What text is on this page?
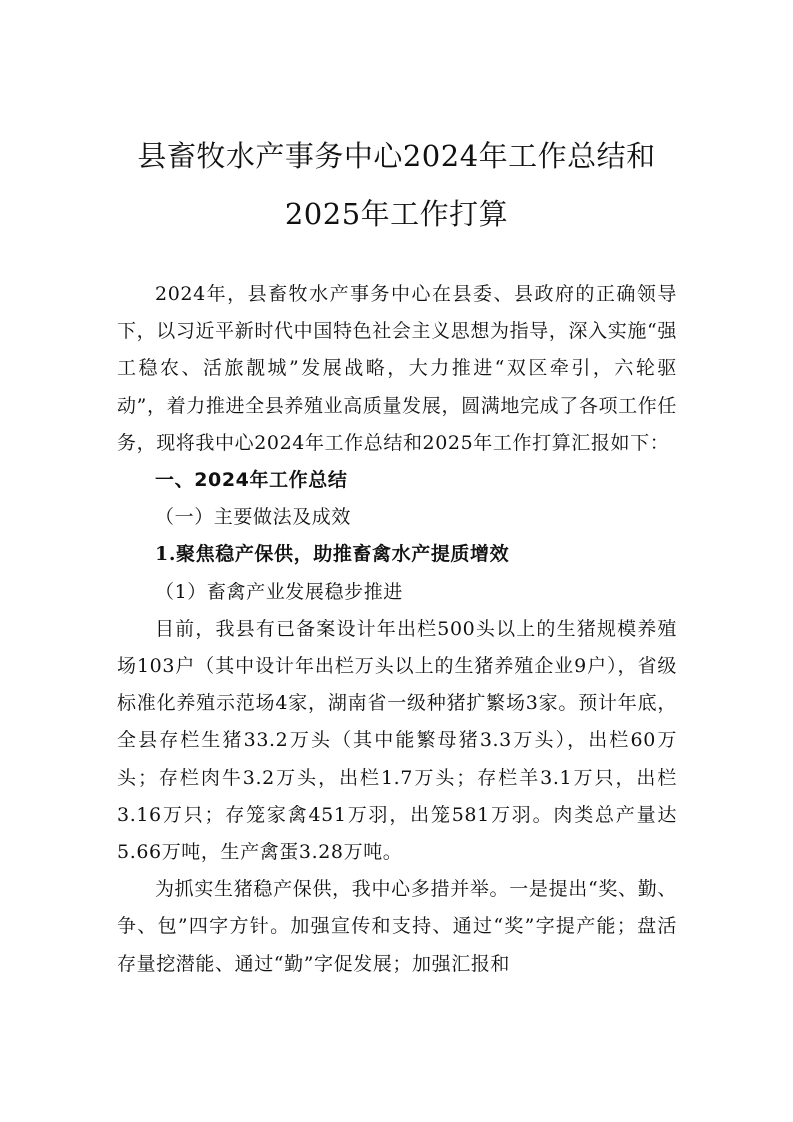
县畜牧水产事务中心2024年工作总结和
2025年工作打算

2024年，县畜牧水产事务中心在县委、县政府的正确领导下，以习近平新时代中国特色社会主义思想为指导，深入实施“强工稳农、活旅靓城”发展战略，大力推进“双区牵引，六轮驱动”，着力推进全县养殖业高质量发展，圆满地完成了各项工作任务，现将我中心2024年工作总结和2025年工作打算汇报如下：

一、2024年工作总结

（一）主要做法及成效

1.聚焦稳产保供，助推畜禽水产提质增效

（1）畜禽产业发展稳步推进

目前，我县有已备案设计年出栏500头以上的生猪规模养殖场103户（其中设计年出栏万头以上的生猪养殖企业9户），省级标准化养殖示范场4家，湖南省一级种猪扩繁场3家。预计年底，全县存栏生猪33.2万头（其中能繁母猪3.3万头），出栏60万头；存栏肉牛3.2万头，出栏1.7万头；存栏羊3.1万只，出栏3.16万只；存笼家禽451万羽，出笼581万羽。肉类总产量达5.66万吨，生产禽蛋3.28万吨。

为抓实生猪稳产保供，我中心多措并举。一是提出“奖、勤、争、包”四字方针。加强宣传和支持、通过“奖”字提产能；盘活存量挖潜能、通过“勤”字促发展；加强汇报和
